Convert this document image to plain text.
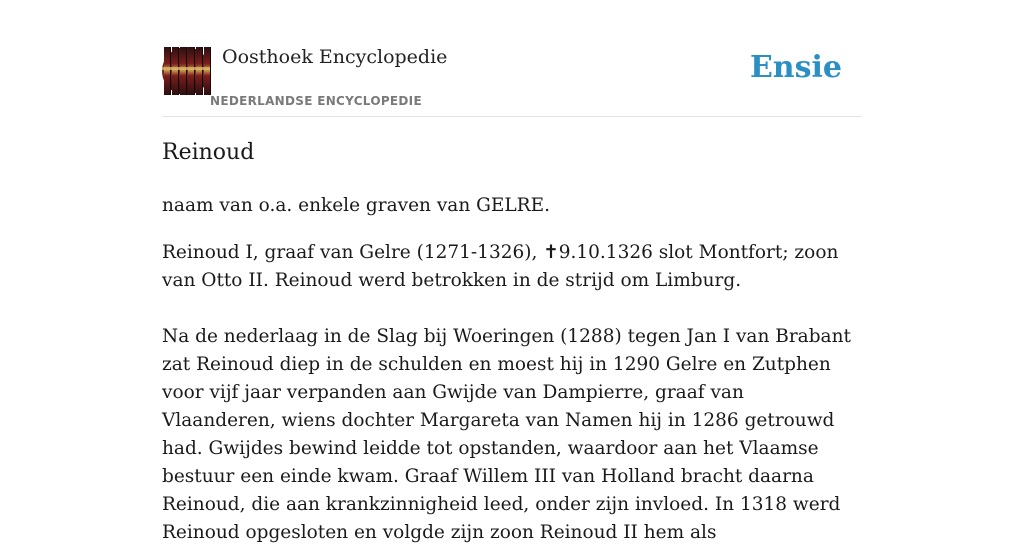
Oosthoek Encyclopedie
NEDERLANDSE ENCYCLOPEDIE
Ensie
Reinoud

naam van o.a. enkele graven van GELRE.

Reinoud I, graaf van Gelre (1271-1326), ✝9.10.1326 slot Montfort; zoon van Otto II. Reinoud werd betrokken in de strijd om Limburg.

Na de nederlaag in de Slag bij Woeringen (1288) tegen Jan I van Brabant zat Reinoud diep in de schulden en moest hij in 1290 Gelre en Zutphen voor vijf jaar verpanden aan Gwijde van Dampierre, graaf van Vlaanderen, wiens dochter Margareta van Namen hij in 1286 getrouwd had. Gwijdes bewind leidde tot opstanden, waardoor aan het Vlaamse bestuur een einde kwam. Graaf Willem III van Holland bracht daarna Reinoud, die aan krankzinnigheid leed, onder zijn invloed. In 1318 werd Reinoud opgesloten en volgde zijn zoon Reinoud II hem als
